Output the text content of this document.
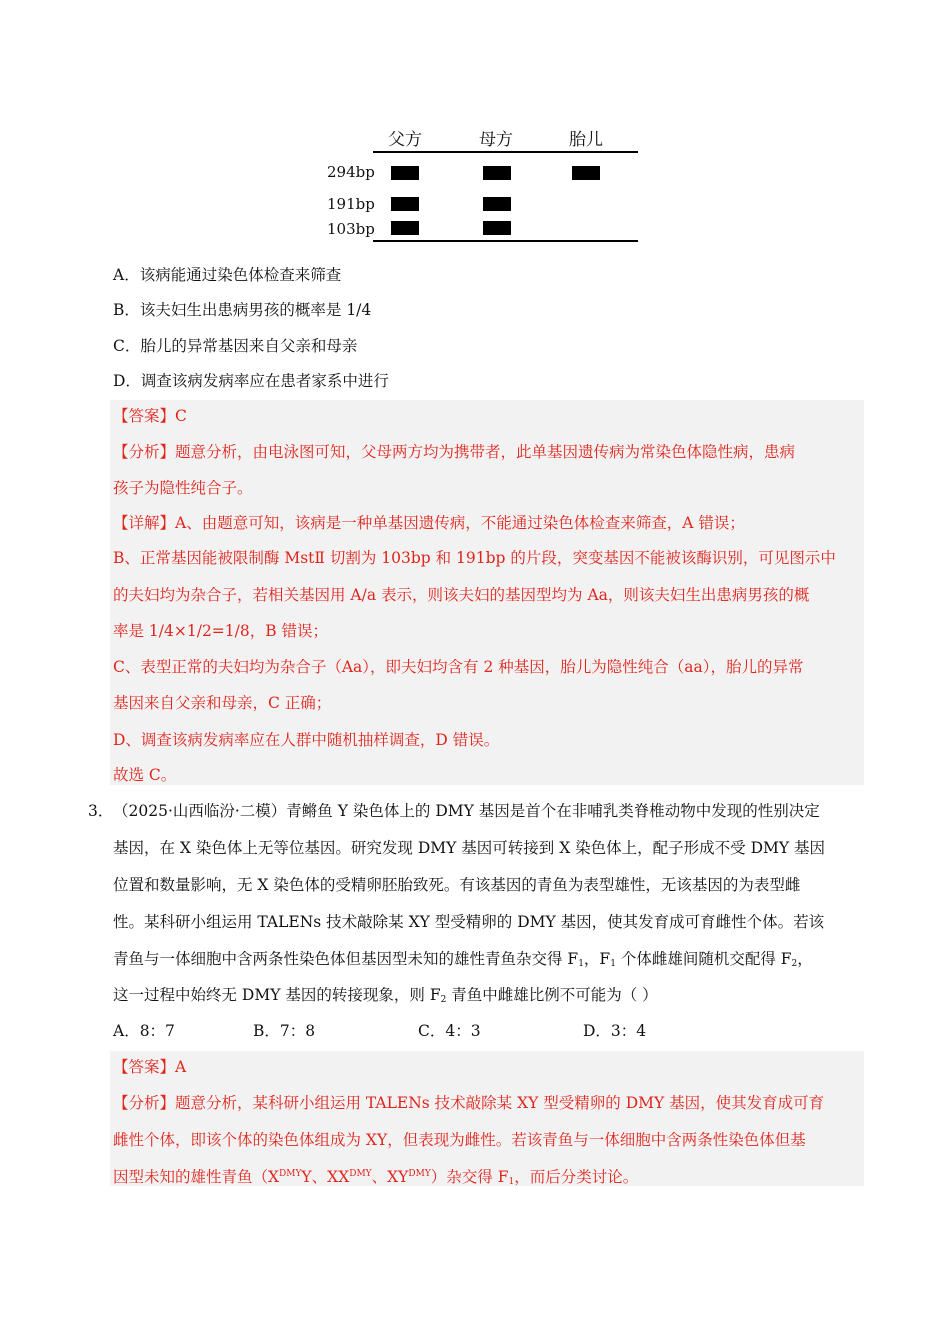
父方	母方	胎儿
294bp
191bp
103bp
A．该病能通过染色体检查来筛查
B．该夫妇生出患病男孩的概率是 1/4
C．胎儿的异常基因来自父亲和母亲
D．调查该病发病率应在患者家系中进行
【答案】C
【分析】题意分析，由电泳图可知，父母两方均为携带者，此单基因遗传病为常染色体隐性病，患病
孩子为隐性纯合子。
【详解】A、由题意可知，该病是一种单基因遗传病，不能通过染色体检查来筛查，A 错误；
B、正常基因能被限制酶 MstⅡ 切割为 103bp 和 191bp 的片段，突变基因不能被该酶识别，可见图示中
的夫妇均为杂合子，若相关基因用 A/a 表示，则该夫妇的基因型均为 Aa，则该夫妇生出患病男孩的概
率是 1/4×1/2=1/8，B 错误；
C、表型正常的夫妇均为杂合子（Aa），即夫妇均含有 2 种基因，胎儿为隐性纯合（aa），胎儿的异常
基因来自父亲和母亲，C 正确；
D、调查该病发病率应在人群中随机抽样调查，D 错误。
故选 C。
3． （2025·山西临汾·二模）青鳉鱼 Y 染色体上的 DMY 基因是首个在非哺乳类脊椎动物中发现的性别决定
基因，在 X 染色体上无等位基因。研究发现 DMY 基因可转接到 X 染色体上，配子形成不受 DMY 基因
位置和数量影响，无 X 染色体的受精卵胚胎致死。有该基因的青鱼为表型雄性，无该基因的为表型雌
性。某科研小组运用 TALENs 技术敲除某 XY 型受精卵的 DMY 基因，使其发育成可育雌性个体。若该
青鱼与一体细胞中含两条性染色体但基因型未知的雄性青鱼杂交得 $F_1$，$F_1$ 个体雌雄间随机交配得 $F_2$，
这一过程中始终无 DMY 基因的转接现象，则 $F_2$ 青鱼中雌雄比例不可能为（ ）
A．8：7	B．7：8	C．4：3	D．3：4
【答案】A
【分析】题意分析，某科研小组运用 TALENs 技术敲除某 XY 型受精卵的 DMY 基因，使其发育成可育
雌性个体，即该个体的染色体组成为 XY，但表现为雌性。若该青鱼与一体细胞中含两条性染色体但基
因型未知的雄性青鱼（$X^{DMY}Y$、$XX^{DMY}$、$XY^{DMY}$）杂交得 $F_1$，而后分类讨论。
